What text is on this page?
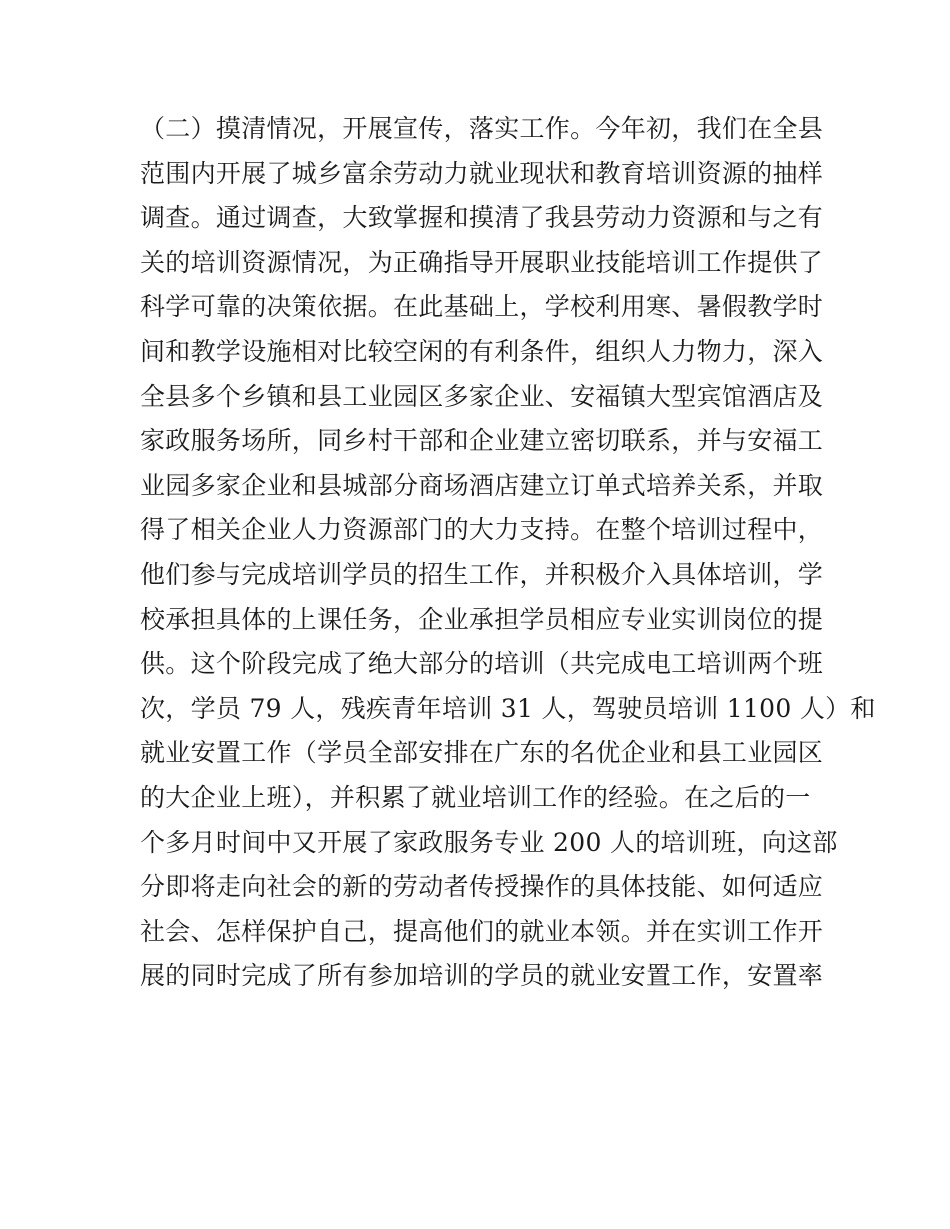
（二）摸清情况，开展宣传，落实工作。今年初，我们在全县
范围内开展了城乡富余劳动力就业现状和教育培训资源的抽样
调查。通过调查，大致掌握和摸清了我县劳动力资源和与之有
关的培训资源情况，为正确指导开展职业技能培训工作提供了
科学可靠的决策依据。在此基础上，学校利用寒、暑假教学时
间和教学设施相对比较空闲的有利条件，组织人力物力，深入
全县多个乡镇和县工业园区多家企业、安福镇大型宾馆酒店及
家政服务场所，同乡村干部和企业建立密切联系，并与安福工
业园多家企业和县城部分商场酒店建立订单式培养关系，并取
得了相关企业人力资源部门的大力支持。在整个培训过程中，
他们参与完成培训学员的招生工作，并积极介入具体培训，学
校承担具体的上课任务，企业承担学员相应专业实训岗位的提
供。这个阶段完成了绝大部分的培训（共完成电工培训两个班
次，学员 79 人，残疾青年培训 31 人，驾驶员培训 1100 人）和
就业安置工作（学员全部安排在广东的名优企业和县工业园区
的大企业上班），并积累了就业培训工作的经验。在之后的一
个多月时间中又开展了家政服务专业 200 人的培训班，向这部
分即将走向社会的新的劳动者传授操作的具体技能、如何适应
社会、怎样保护自己，提高他们的就业本领。并在实训工作开
展的同时完成了所有参加培训的学员的就业安置工作，安置率
